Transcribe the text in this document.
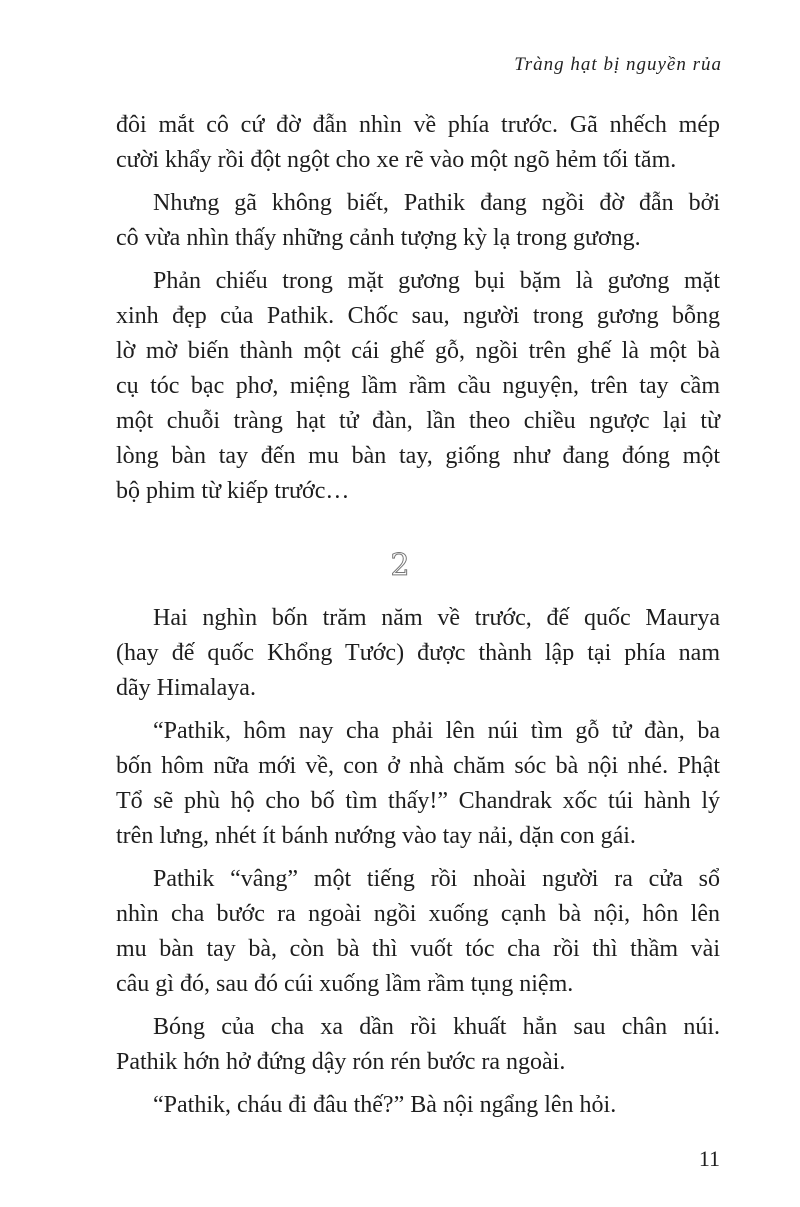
Tràng hạt bị nguyền rủa
đôi mắt cô cứ đờ đẫn nhìn về phía trước. Gã nhếch mép
cười khẩy rồi đột ngột cho xe rẽ vào một ngõ hẻm tối tăm.
Nhưng gã không biết, Pathik đang ngồi đờ đẫn bởi
cô vừa nhìn thấy những cảnh tượng kỳ lạ trong gương.
Phản chiếu trong mặt gương bụi bặm là gương mặt
xinh đẹp của Pathik. Chốc sau, người trong gương bỗng
lờ mờ biến thành một cái ghế gỗ, ngồi trên ghế là một bà
cụ tóc bạc phơ, miệng lầm rầm cầu nguyện, trên tay cầm
một chuỗi tràng hạt tử đàn, lần theo chiều ngược lại từ
lòng bàn tay đến mu bàn tay, giống như đang đóng một
bộ phim từ kiếp trước…
2
Hai nghìn bốn trăm năm về trước, đế quốc Maurya
(hay đế quốc Khổng Tước) được thành lập tại phía nam
dãy Himalaya.
“Pathik, hôm nay cha phải lên núi tìm gỗ tử đàn, ba
bốn hôm nữa mới về, con ở nhà chăm sóc bà nội nhé. Phật
Tổ sẽ phù hộ cho bố tìm thấy!” Chandrak xốc túi hành lý
trên lưng, nhét ít bánh nướng vào tay nải, dặn con gái.
Pathik “vâng” một tiếng rồi nhoài người ra cửa sổ
nhìn cha bước ra ngoài ngồi xuống cạnh bà nội, hôn lên
mu bàn tay bà, còn bà thì vuốt tóc cha rồi thì thầm vài
câu gì đó, sau đó cúi xuống lầm rầm tụng niệm.
Bóng của cha xa dần rồi khuất hẳn sau chân núi.
Pathik hớn hở đứng dậy rón rén bước ra ngoài.
“Pathik, cháu đi đâu thế?” Bà nội ngẩng lên hỏi.
11
